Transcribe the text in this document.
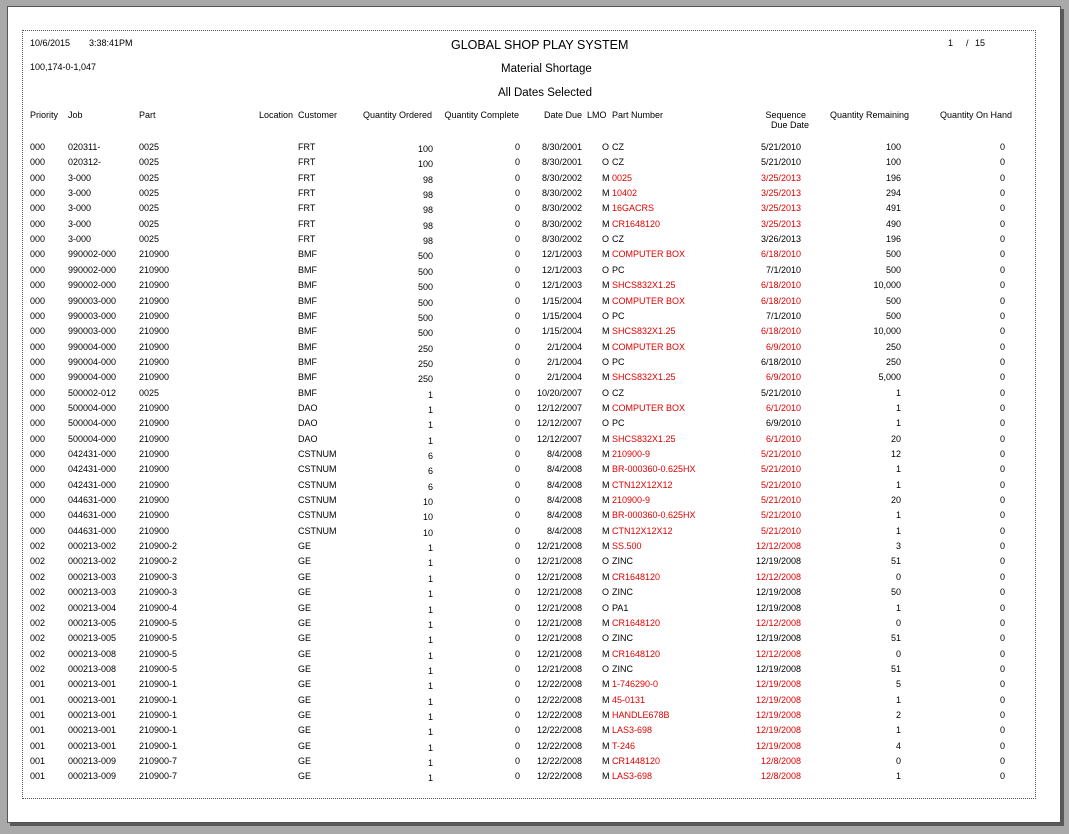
10/6/2015 3:38:41PM
100,174-0-1,047
GLOBAL SHOP PLAY SYSTEM
Material Shortage
All Dates Selected
1 / 15
Priority Job	Part	Location Customer	Quantity Ordered Quantity Complete	Date Due LMO Part Number	Sequence
Due Date
Quantity Remaining	Quantity On Hand
000	020311-	0025	FRT	100	0 8/30/2001 O CZ	5/21/2010	100	0
000	020312-	0025	FRT	100	0 8/30/2001 O CZ	5/21/2010	100	0
000	3-000	0025	FRT	98	0 8/30/2002 M 0025	3/25/2013	196	0
000	3-000	0025	FRT	98	0 8/30/2002 M 10402	3/25/2013	294	0
000	3-000	0025	FRT	98	0 8/30/2002 M 16GACRS	3/25/2013	491	0
000	3-000	0025	FRT	98	0 8/30/2002 M CR1648120	3/25/2013	490	0
000	3-000	0025	FRT	98	0 8/30/2002 O CZ	3/26/2013	196	0
000	990002-000	210900	BMF	500	0 12/1/2003 M COMPUTER BOX	6/18/2010	500	0
000	990002-000	210900	BMF	500	0 12/1/2003 O PC	7/1/2010	500	0
000	990002-000	210900	BMF	500	0 12/1/2003 M SHCS832X1.25	6/18/2010	10,000	0
000	990003-000	210900	BMF	500	0 1/15/2004 M COMPUTER BOX	6/18/2010	500	0
000	990003-000	210900	BMF	500	0 1/15/2004 O PC	7/1/2010	500	0
000	990003-000	210900	BMF	500	0 1/15/2004 M SHCS832X1.25	6/18/2010	10,000	0
000	990004-000	210900	BMF	250	0	2/1/2004 M COMPUTER BOX	6/9/2010	250	0
000	990004-000	210900	BMF	250	0	2/1/2004 O PC	6/18/2010	250	0
000	990004-000	210900	BMF	250	0	2/1/2004 M SHCS832X1.25	6/9/2010	5,000	0
000	500002-012	0025	BMF	1	0 10/20/2007 O CZ	5/21/2010	1	0
000	500004-000	210900	DAO	1	0 12/12/2007 M COMPUTER BOX	6/1/2010	1	0
000	500004-000	210900	DAO	1	0 12/12/2007 O PC	6/9/2010	1	0
000	500004-000	210900	DAO	1	0 12/12/2007 M SHCS832X1.25	6/1/2010	20	0
000	042431-000	210900	CSTNUM	6	0	8/4/2008 M 210900-9	5/21/2010	12	0
000	042431-000	210900	CSTNUM	6	0	8/4/2008 M BR-000360-0.625HX	5/21/2010	1	0
000	042431-000	210900	CSTNUM	6	0	8/4/2008 M CTN12X12X12	5/21/2010	1	0
000	044631-000	210900	CSTNUM	10	0	8/4/2008 M 210900-9	5/21/2010	20	0
000	044631-000	210900	CSTNUM	10	0	8/4/2008 M BR-000360-0.625HX	5/21/2010	1	0
000	044631-000	210900	CSTNUM	10	0	8/4/2008 M CTN12X12X12	5/21/2010	1	0
002	000213-002	210900-2	GE	1	0 12/21/2008 M SS.500	12/12/2008	3	0
002	000213-002	210900-2	GE	1	0 12/21/2008 O ZINC	12/19/2008	51	0
002	000213-003	210900-3	GE	1	0 12/21/2008 M CR1648120	12/12/2008	0	0
002	000213-003	210900-3	GE	1	0 12/21/2008 O ZINC	12/19/2008	50	0
002	000213-004	210900-4	GE	1	0 12/21/2008 O PA1	12/19/2008	1	0
002	000213-005	210900-5	GE	1	0 12/21/2008 M CR1648120	12/12/2008	0	0
002	000213-005	210900-5	GE	1	0 12/21/2008 O ZINC	12/19/2008	51	0
002	000213-008	210900-5	GE	1	0 12/21/2008 M CR1648120	12/12/2008	0	0
002	000213-008	210900-5	GE	1	0 12/21/2008 O ZINC	12/19/2008	51	0
001	000213-001	210900-1	GE	1	0 12/22/2008 M 1-746290-0	12/19/2008	5	0
001	000213-001	210900-1	GE	1	0 12/22/2008 M 45-0131	12/19/2008	1	0
001	000213-001	210900-1	GE	1	0 12/22/2008 M HANDLE678B	12/19/2008	2	0
001	000213-001	210900-1	GE	1	0 12/22/2008 M LAS3-698	12/19/2008	1	0
001	000213-001	210900-1	GE	1	0 12/22/2008 M T-246	12/19/2008	4	0
001	000213-009	210900-7	GE	1	0 12/22/2008 M CR1448120	12/8/2008	0	0
001	000213-009	210900-7	GE	1	0 12/22/2008 M LAS3-698	12/8/2008	1	0
